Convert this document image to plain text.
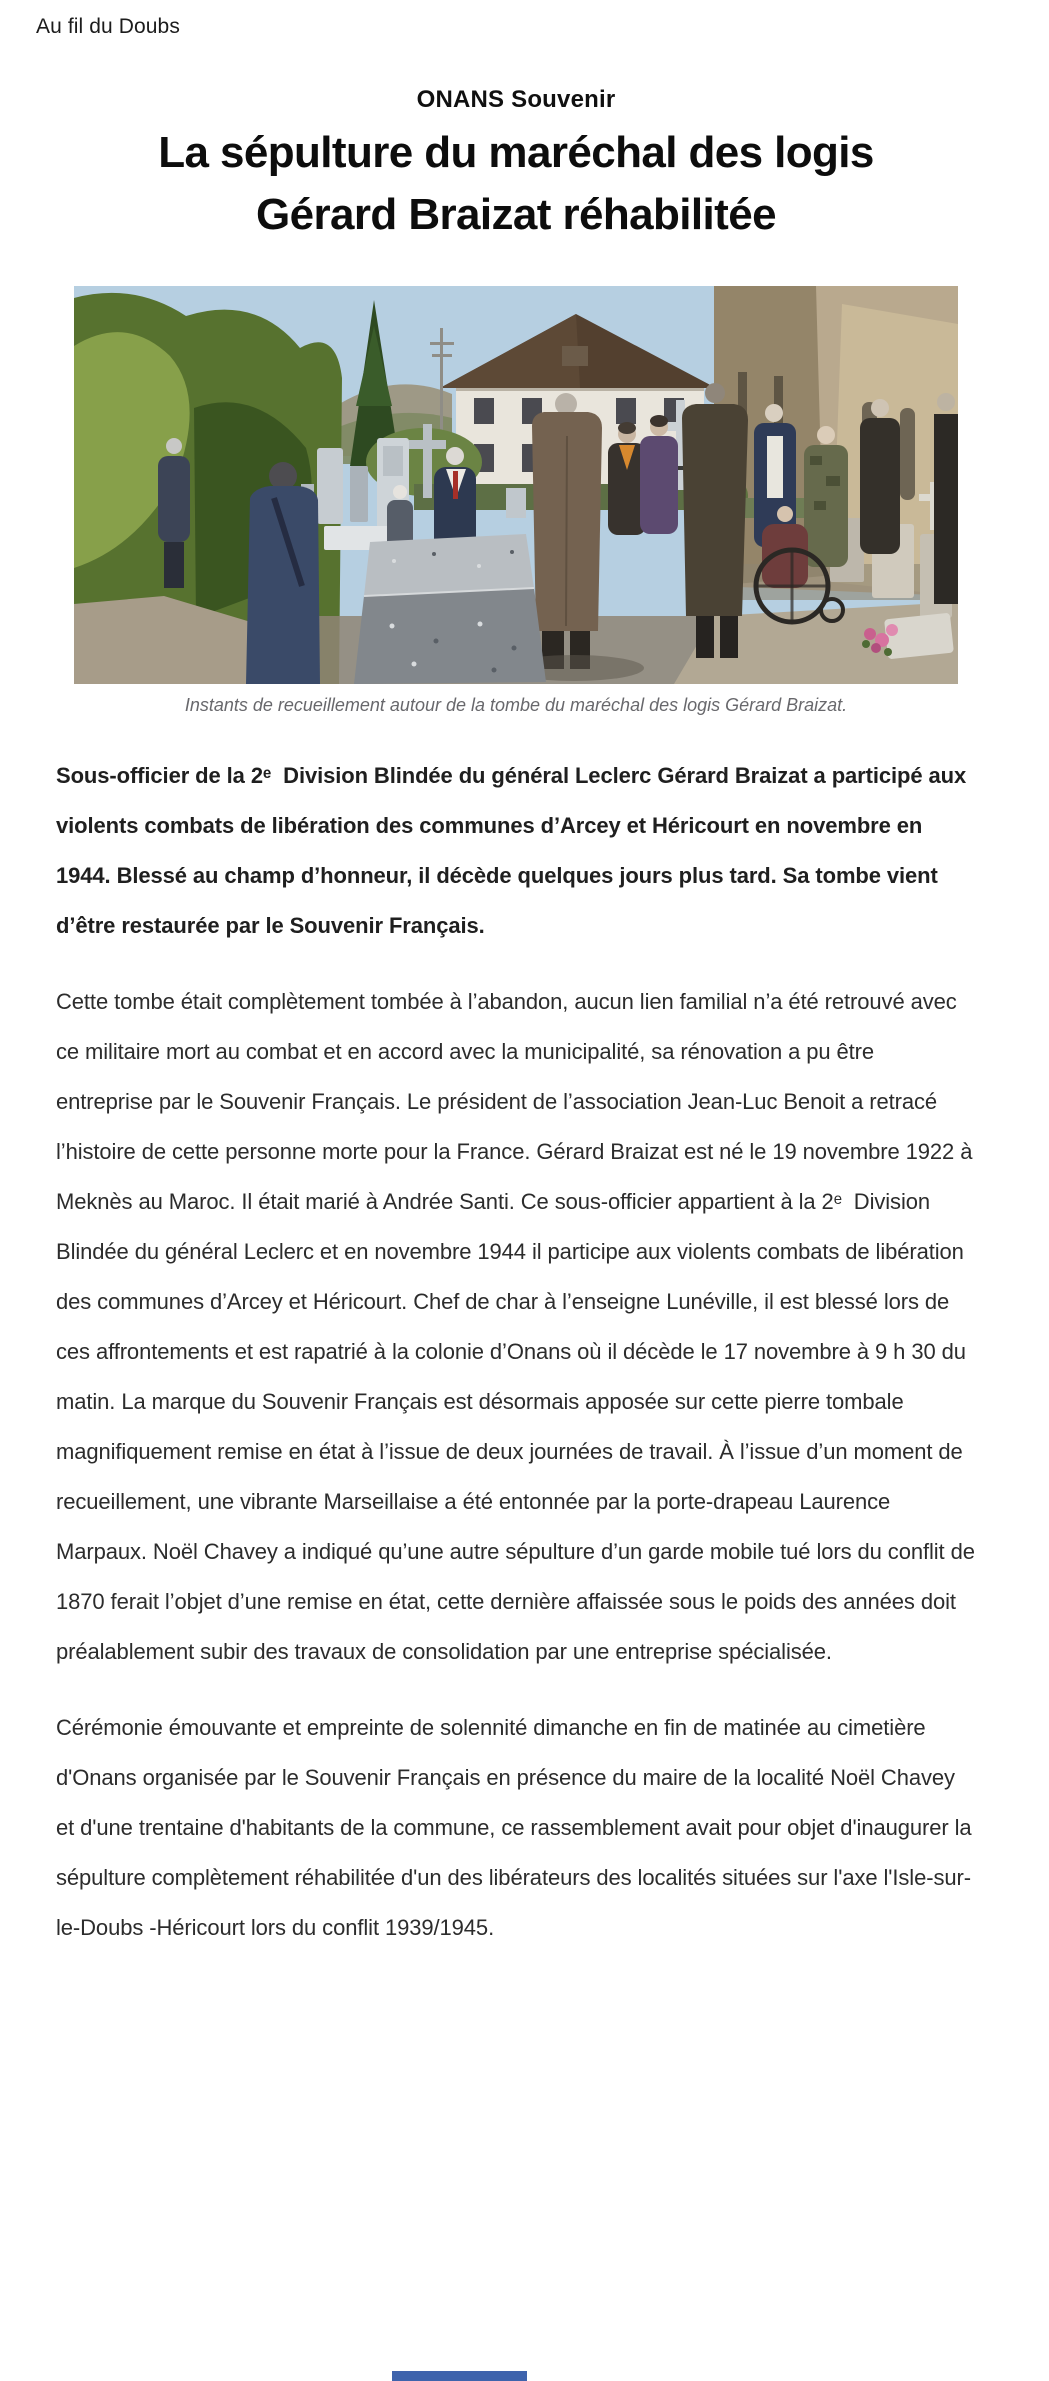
Au fil du Doubs
ONANS Souvenir
La sépulture du maréchal des logis
Gérard Braizat réhabilitée
Instants de recueillement autour de la tombe du maréchal des logis Gérard Braizat.

Sous-officier de la 2ᵉ  Division Blindée du général Leclerc Gérard Braizat a participé aux violents combats de libération des communes d’Arcey et Héricourt en novembre en 1944. Blessé au champ d’honneur, il décède quelques jours plus tard. Sa tombe vient d’être restaurée par le Souvenir Français.

Cette tombe était complètement tombée à l’abandon, aucun lien familial n’a été retrouvé avec ce militaire mort au combat et en accord avec la municipalité, sa rénovation a pu être entreprise par le Souvenir Français. Le président de l’association Jean-Luc Benoit a retracé l’histoire de cette personne morte pour la France. Gérard Braizat est né le 19 novembre 1922 à Meknès au Maroc. Il était marié à Andrée Santi. Ce sous-officier appartient à la 2ᵉ  Division Blindée du général Leclerc et en novembre 1944 il participe aux violents combats de libération des communes d’Arcey et Héricourt. Chef de char à l’enseigne Lunéville, il est blessé lors de ces affrontements et est rapatrié à la colonie d’Onans où il décède le 17 novembre à 9 h 30 du matin. La marque du Souvenir Français est désormais apposée sur cette pierre tombale magnifiquement remise en état à l’issue de deux journées de travail. À l’issue d’un moment de recueillement, une vibrante Marseillaise a été entonnée par la porte-drapeau Laurence Marpaux. Noël Chavey a indiqué qu’une autre sépulture d’un garde mobile tué lors du conflit de 1870 ferait l’objet d’une remise en état, cette dernière affaissée sous le poids des années doit préalablement subir des travaux de consolidation par une entreprise spécialisée.

Cérémonie émouvante et empreinte de solennité dimanche en fin de matinée au cimetière d'Onans organisée par le Souvenir Français en présence du maire de la localité Noël Chavey et d'une trentaine d'habitants de la commune, ce rassemblement avait pour objet d'inaugurer la sépulture complètement réhabilitée d'un des libérateurs des localités situées sur l'axe l'Isle-sur-le-Doubs -Héricourt lors du conflit 1939/1945.
